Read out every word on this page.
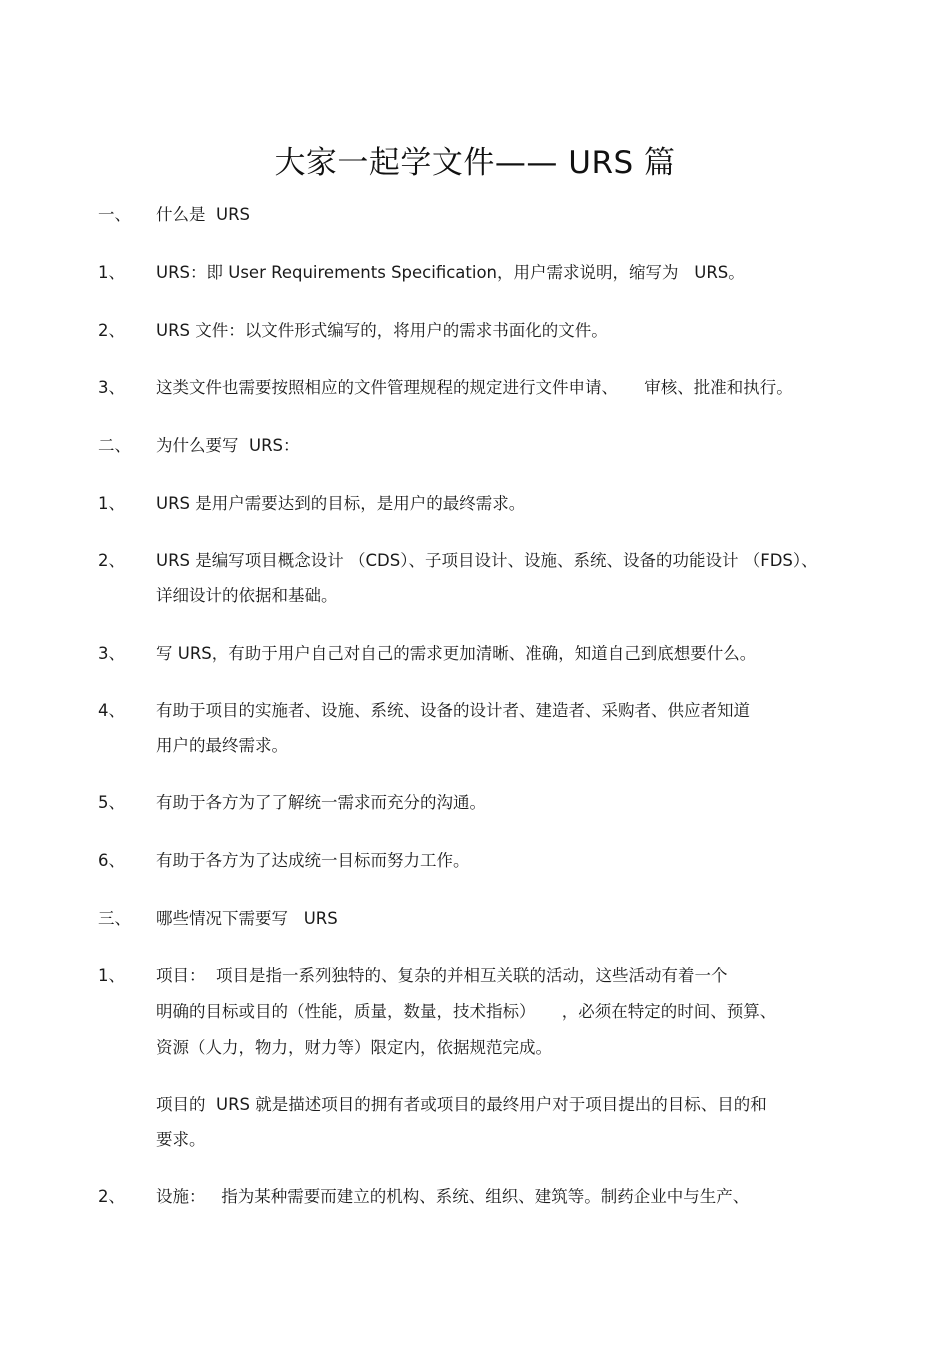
大家一起学文件—— URS 篇
一、 什么是  URS
1、 URS：即 User Requirements Specification，用户需求说明，缩写为   URS。
2、 URS 文件：以文件形式编写的，将用户的需求书面化的文件。
3、 这类文件也需要按照相应的文件管理规程的规定进行文件申请、     审核、批准和执行。
二、 为什么要写  URS：
1、 URS 是用户需要达到的目标，是用户的最终需求。
2、 URS 是编写项目概念设计 （CDS）、子项目设计、设施、系统、设备的功能设计 （FDS）、
详细设计的依据和基础。
3、 写 URS，有助于用户自己对自己的需求更加清晰、准确，知道自己到底想要什么。
4、 有助于项目的实施者、设施、系统、设备的设计者、建造者、采购者、供应者知道
用户的最终需求。
5、 有助于各方为了了解统一需求而充分的沟通。
6、 有助于各方为了达成统一目标而努力工作。
三、 哪些情况下需要写   URS
1、 项目：  项目是指一系列独特的、复杂的并相互关联的活动，这些活动有着一个
明确的目标或目的（性能，质量，数量，技术指标）     ，必须在特定的时间、预算、
资源（人力，物力，财力等）限定内，依据规范完成。
项目的  URS 就是描述项目的拥有者或项目的最终用户对于项目提出的目标、目的和
要求。
2、 设施：   指为某种需要而建立的机构、系统、组织、建筑等。制药企业中与生产、
